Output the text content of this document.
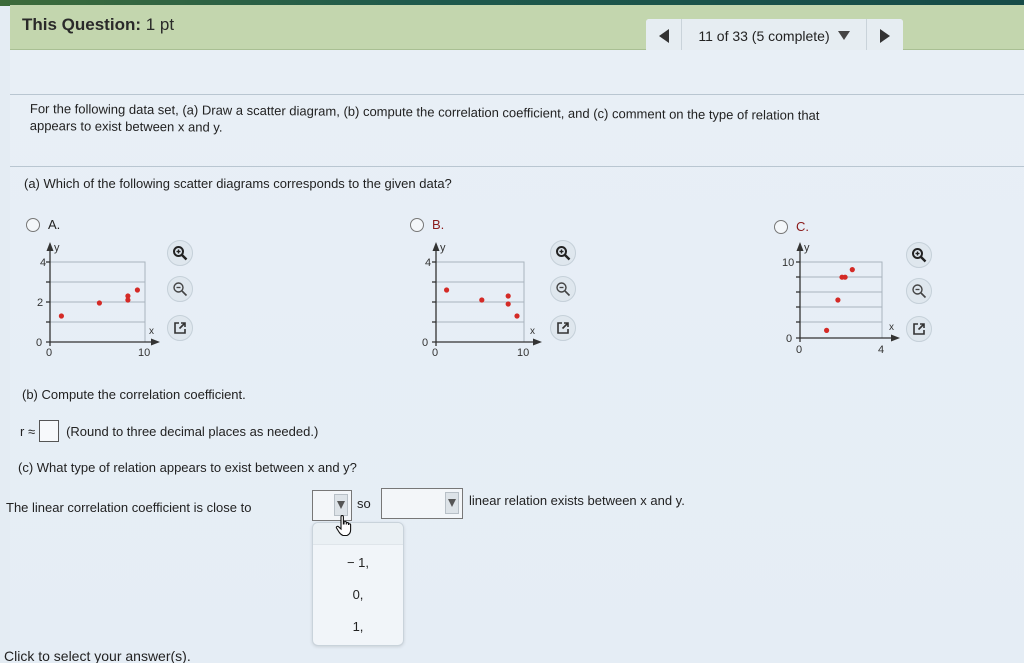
This Question: 1 pt
11 of 33 (5 complete)
For the following data set, (a) Draw a scatter diagram, (b) compute the correlation coefficient, and (c) comment on the type of relation that appears to exist between x and y.
(a) Which of the following scatter diagrams corresponds to the given data?
A.
y
4
2
0
0	10
x
B.
y
4
0
0	10
x
C.
y
10
0
0	4
x
(b) Compute the correlation coefficient.
r ≈ (Round to three decimal places as needed.)
(c) What type of relation appears to exist between x and y?
The linear correlation coefficient is close to	so	linear relation exists between x and y.
− 1,
0,
1,
Click to select your answer(s).
